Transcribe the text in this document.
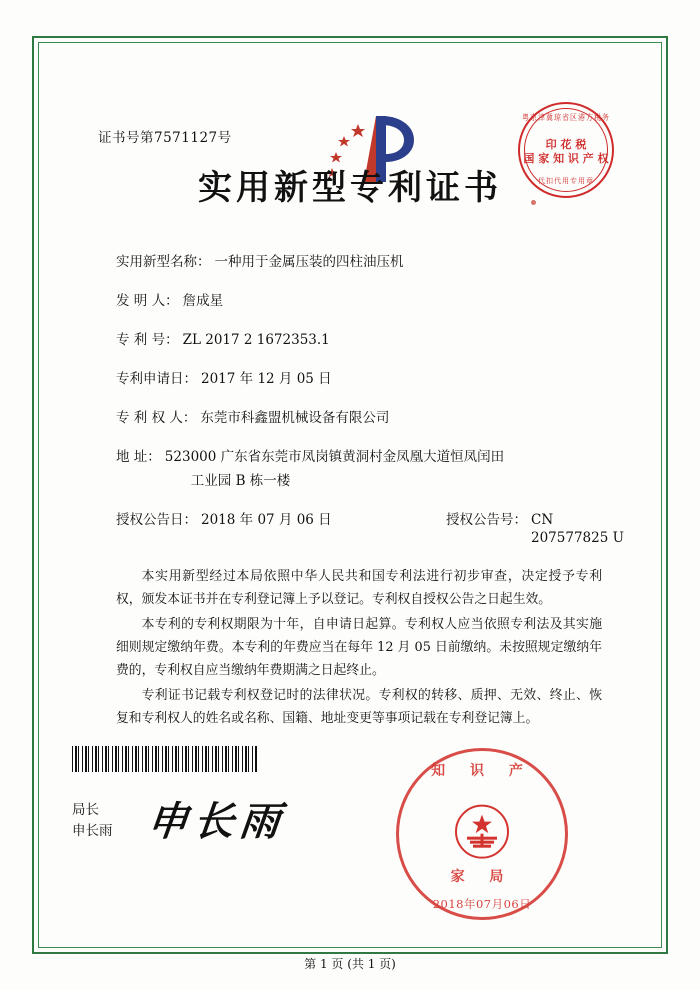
证书号第7571127号
粤京津冀琼省区港方税务
印 花 税
国 家 知 识 产 权
代扣代用专用章
实用新型专利证书
实用新型名称： 一种用于金属压装的四柱油压机
发 明 人： 詹成星
专 利 号： ZL 2017 2 1672353.1
专利申请日： 2017 年 12 月 05 日
专 利 权 人： 东莞市科鑫盟机械设备有限公司
地 址： 523000 广东省东莞市凤岗镇黄洞村金凤凰大道恒凤闰田
工业园 B 栋一楼
授权公告日： 2018 年 07 月 06 日	授权公告号： CN 207577825 U

本实用新型经过本局依照中华人民共和国专利法进行初步审查，决定授予专利权，颁发本证书并在专利登记簿上予以登记。专利权自授权公告之日起生效。

本专利的专利权期限为十年，自申请日起算。专利权人应当依照专利法及其实施细则规定缴纳年费。本专利的年费应当在每年 12 月 05 日前缴纳。未按照规定缴纳年费的，专利权自应当缴纳年费期满之日起终止。

专利证书记载专利权登记时的法律状况。专利权的转移、质押、无效、终止、恢复和专利权人的姓名或名称、国籍、地址变更等事项记载在专利登记簿上。

局长
申长雨 申长雨
知 识 产
家 局
2018年07月06日
第 1 页 (共 1 页)
